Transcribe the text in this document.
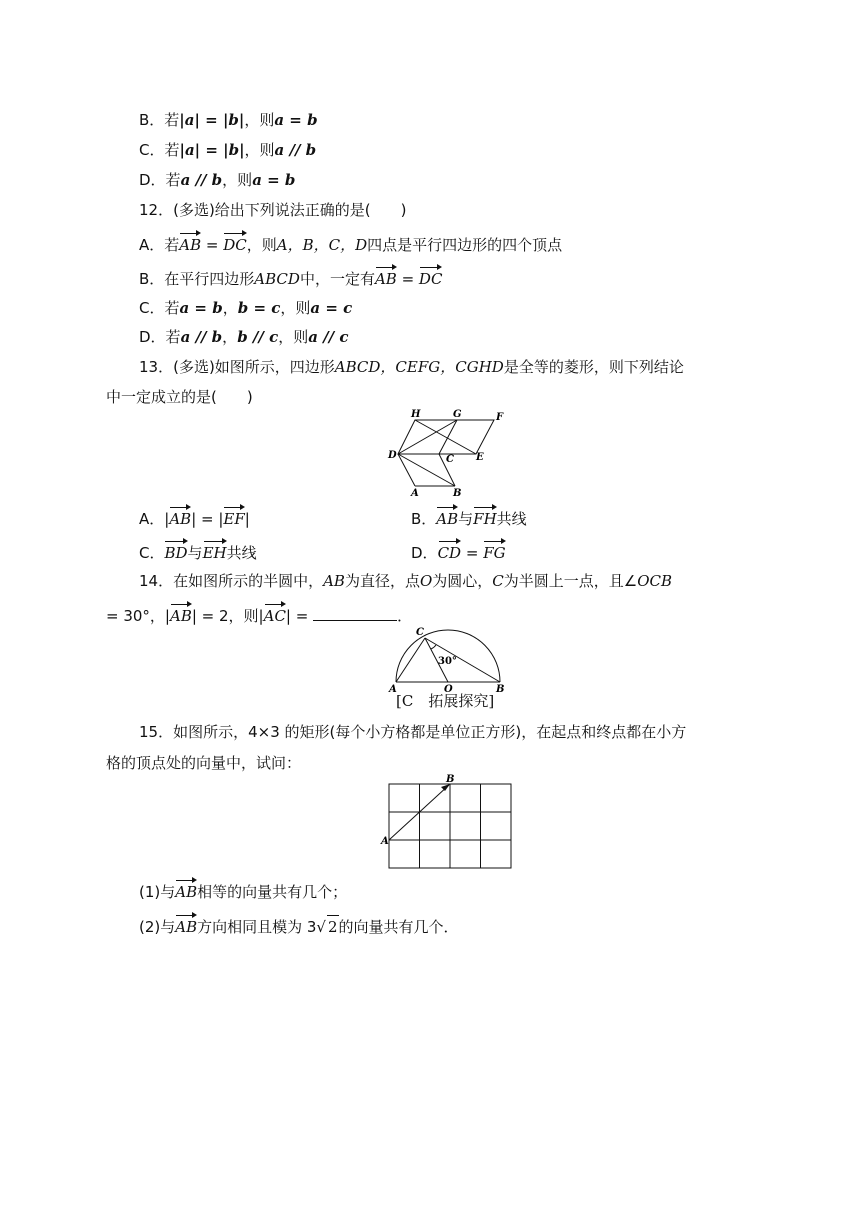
B．若|a| = |b|，则a = b
C．若|a| = |b|，则a // b
D．若a // b，则a = b
12．(多选)给出下列说法正确的是(　　)
A．若AB = DC，则A，B，C，D四点是平行四边形的四个顶点
B．在平行四边形ABCD中，一定有AB = DC
C．若a = b，b = c，则a = c
D．若a // b，b // c，则a // c
13．(多选)如图所示，四边形ABCD，CEFG，CGHD是全等的菱形，则下列结论
中一定成立的是(　　)
H	G	F
D	C E
A	B
A．|AB| = |EF|	B．AB与FH共线
C．BD与EH共线	D．CD = FG
14．在如图所示的半圆中，AB为直径，点O为圆心，C为半圆上一点，且∠OCB
= 30°，|AB| = 2，则|AC| =	．
C
30°
A	O	B
[C　拓展探究]
15．如图所示，4×3 的矩形(每个小方格都是单位正方形)，在起点和终点都在小方
格的顶点处的向量中，试问：
B
A
(1)与AB相等的向量共有几个；
(2)与AB方向相同且模为 3√ 2的向量共有几个．
